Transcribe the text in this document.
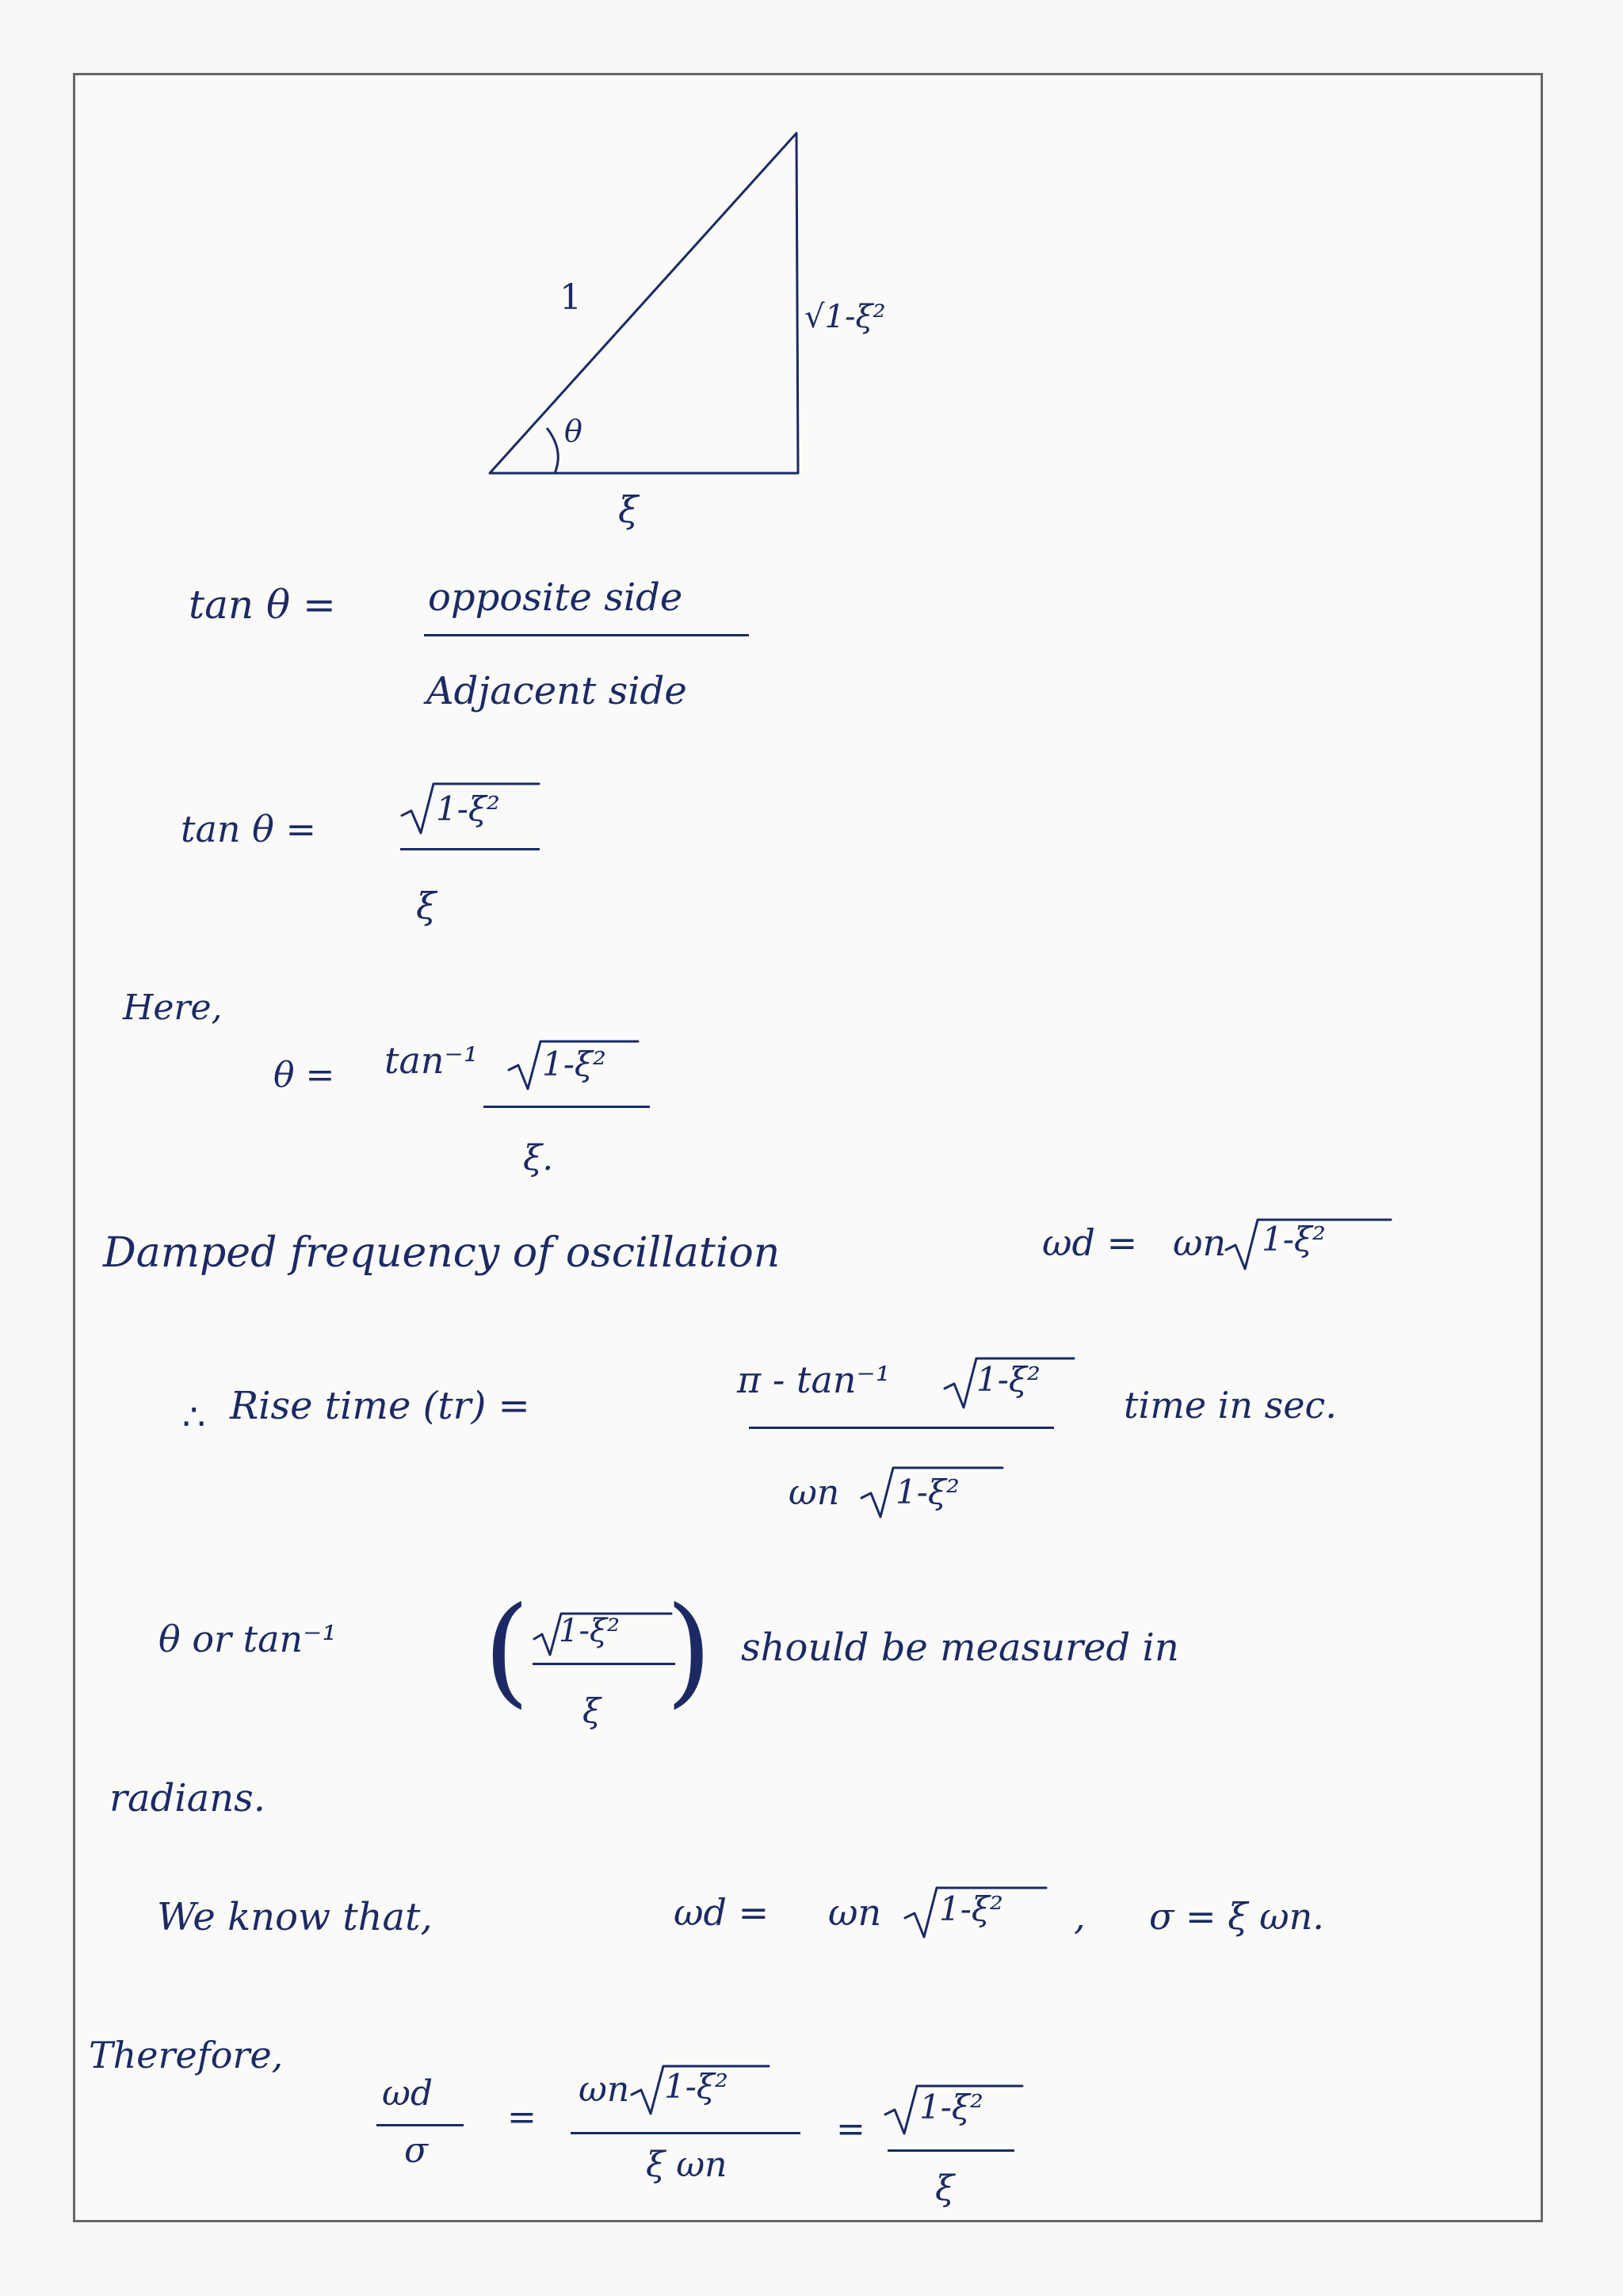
1
θ
ξ
√1-ξ²
tan θ = opposite side
Adjacent side
tan θ =	1-ξ²
ξ
Here,
θ = tan⁻¹ 1-ξ²
ξ.
Damped frequency of oscillation	ωd = ωn 1-ξ²
∴ Rise time (tr) =
π - tan⁻¹	1-ξ²
ωn 1-ξ²
time in sec.
θ or tan⁻¹ ( 1-ξ²
ξ ) should be measured in
radians.
We know that,	ωd = ωn 1-ξ² , σ = ξ ωn.
Therefore,
ωd
σ
=
ωn 1-ξ²
ξ ωn
=
1-ξ²
ξ
